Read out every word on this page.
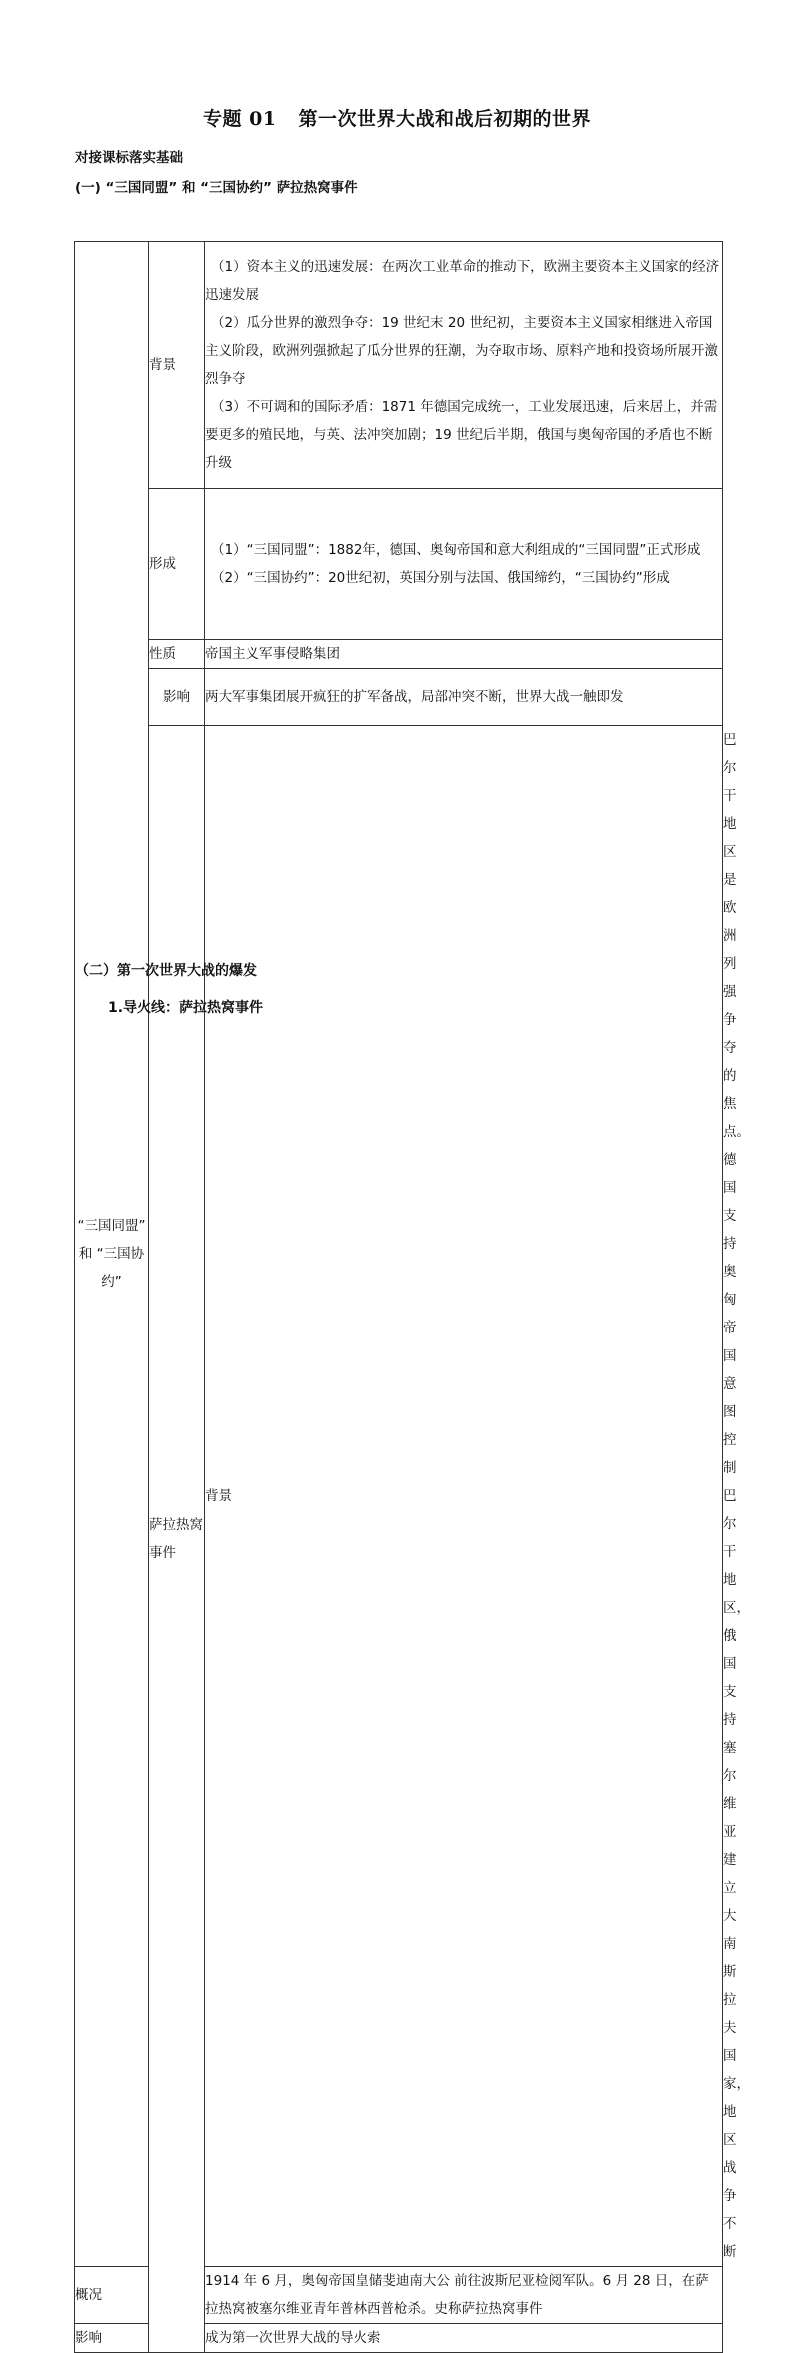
专题 01 第一次世界大战和战后初期的世界
对接课标落实基础
(一) “三国同盟” 和 “三国协约” 萨拉热窝事件
“三国同盟” 和 “三国协约”	背景	（1）资本主义的迅速发展：在两次工业革命的推动下，欧洲主要资本主义国家的经济迅速发展

（2）瓜分世界的激烈争夺：19 世纪末 20 世纪初，主要资本主义国家相继进入帝国主义阶段，欧洲列强掀起了瓜分世界的狂潮，为夺取市场、原料产地和投资场所展开激烈争夺

（3）不可调和的国际矛盾：1871 年德国完成统一，工业发展迅速，后来居上，并需要更多的殖民地，与英、法冲突加剧；19 世纪后半期，俄国与奥匈帝国的矛盾也不断升级	

	形成	（1）“三国同盟”：1882年，德国、奥匈帝国和意大利组成的“三国同盟”正式形成

（2）“三国协约”：20世纪初，英国分别与法国、俄国缔约，“三国协约”形成	

	性质	帝国主义军事侵略集团	

	影响	两大军事集团展开疯狂的扩军备战，局部冲突不断，世界大战一触即发	

	萨拉热窝事件	背景	巴尔干地区是欧洲列强争夺的焦点。德国支持奥匈帝国意图控制巴尔干地区，俄国支持塞尔维亚建立大南斯拉夫国家，地区战争不断

概况		1914 年 6 月，奥匈帝国皇储斐迪南大公 前往波斯尼亚检阅军队。6 月 28 日，在萨拉热窝被塞尔维亚青年普林西普枪杀。史称萨拉热窝事件	

影响		成为第一次世界大战的导火索	

（二）第一次世界大战的爆发
1.导火线：萨拉热窝事件
